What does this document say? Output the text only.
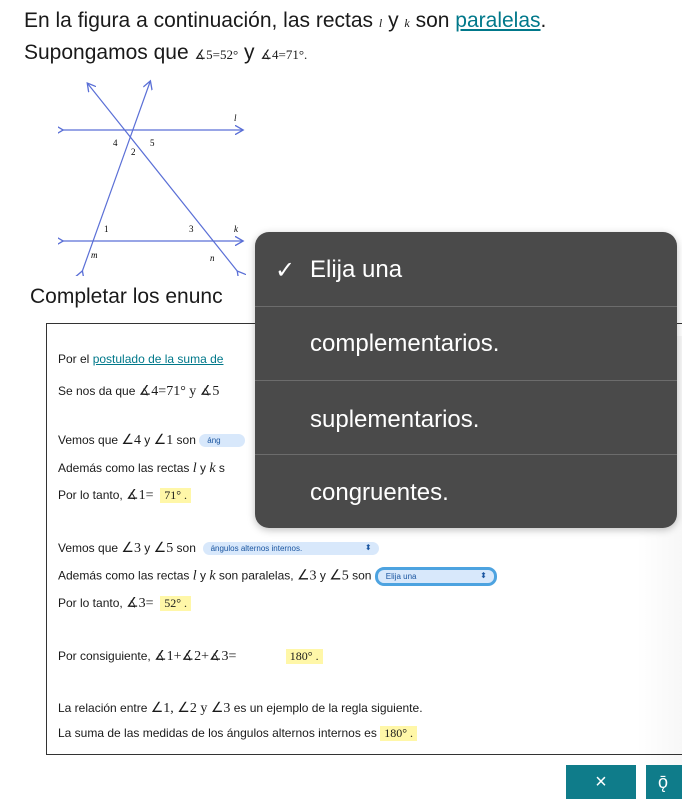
En la figura a continuación, las rectas l y k son paralelas.
Supongamos que ∡5=52° y ∡4=71°.
l
4
2
5
1	3	k
m	n
Completar los enunc
Por el postulado de la suma de
Se nos da que ∡4=71° y ∡5
Vemos que ∠4 y ∠1 son áng
Además como las rectas l y k s
Por lo tanto, ∡1= 71° .
Vemos que ∠3 y ∠5 son ángulos alternos internos.	⬍
Además como las rectas l y k son paralelas, ∠3 y ∠5 son Elija una	⬍
Por lo tanto, ∡3= 52° .
Por consiguiente, ∡1+∡2+∡3=	180° .
La relación entre ∠1, ∠2 y ∠3 es un ejemplo de la regla siguiente.
La suma de las medidas de los ángulos alternos internos es 180° .
✓ Elija una
complementarios.
suplementarios.
congruentes.
×	ǭ
